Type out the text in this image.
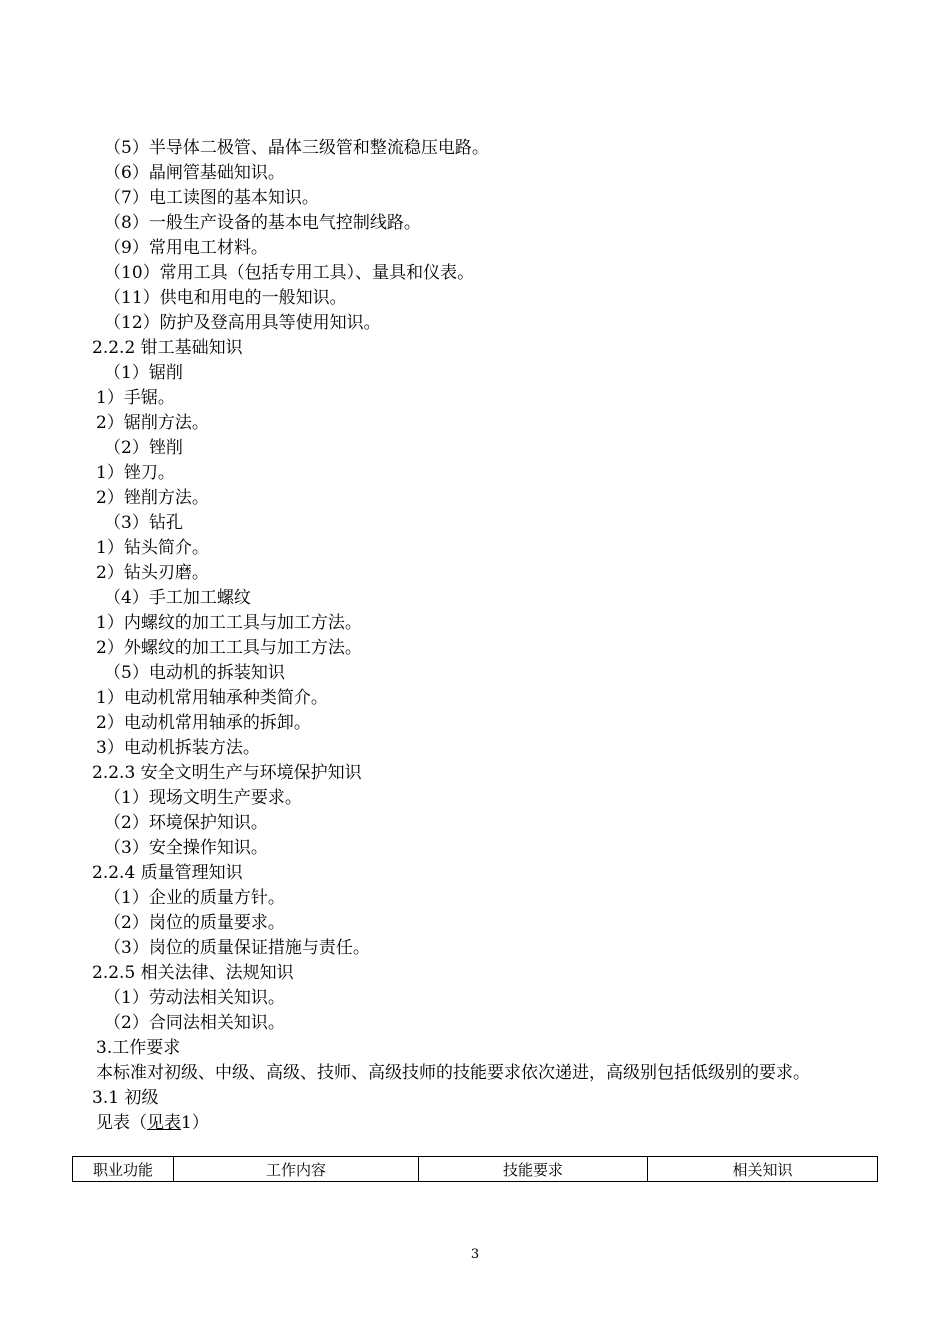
（5）半导体二极管、晶体三级管和整流稳压电路。
（6）晶闸管基础知识。
（7）电工读图的基本知识。
（8）一般生产设备的基本电气控制线路。
（9）常用电工材料。
（10）常用工具（包括专用工具）、量具和仪表。
（11）供电和用电的一般知识。
（12）防护及登高用具等使用知识。
2.2.2 钳工基础知识
（1）锯削
1）手锯。
2）锯削方法。
（2）锉削
1）锉刀。
2）锉削方法。
（3）钻孔
1）钻头简介。
2）钻头刃磨。
（4）手工加工螺纹
1）内螺纹的加工工具与加工方法。
2）外螺纹的加工工具与加工方法。
（5）电动机的拆装知识
1）电动机常用轴承种类简介。
2）电动机常用轴承的拆卸。
3）电动机拆装方法。
2.2.3 安全文明生产与环境保护知识
（1）现场文明生产要求。
（2）环境保护知识。
（3）安全操作知识。
2.2.4 质量管理知识
（1）企业的质量方针。
（2）岗位的质量要求。
（3）岗位的质量保证措施与责任。
2.2.5 相关法律、法规知识
（1）劳动法相关知识。
（2）合同法相关知识。
3.工作要求
本标准对初级、中级、高级、技师、高级技师的技能要求依次递进，高级别包括低级别的要求。
3.1 初级
见表（见表1）
职业功能	工作内容	技能要求	相关知识
3
